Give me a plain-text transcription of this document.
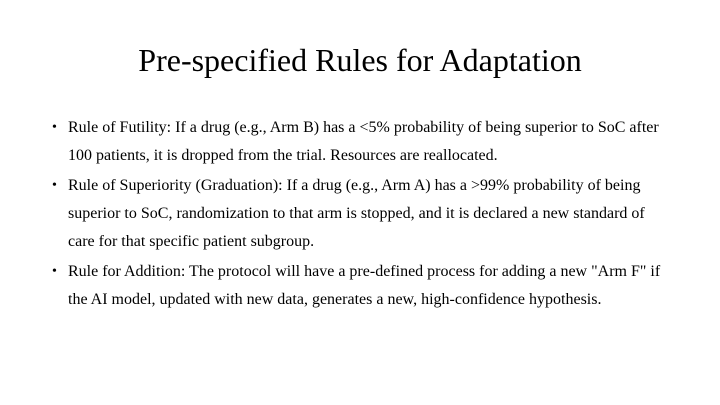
Pre-specified Rules for Adaptation
• Rule of Futility: If a drug (e.g., Arm B) has a <5% probability of being superior to SoC after 100 patients, it is dropped from the trial. Resources are reallocated.
• Rule of Superiority (Graduation): If a drug (e.g., Arm A) has a >99% probability of being superior to SoC, randomization to that arm is stopped, and it is declared a new standard of care for that specific patient subgroup.
• Rule for Addition: The protocol will have a pre-defined process for adding a new "Arm F" if the AI model, updated with new data, generates a new, high-confidence hypothesis.
